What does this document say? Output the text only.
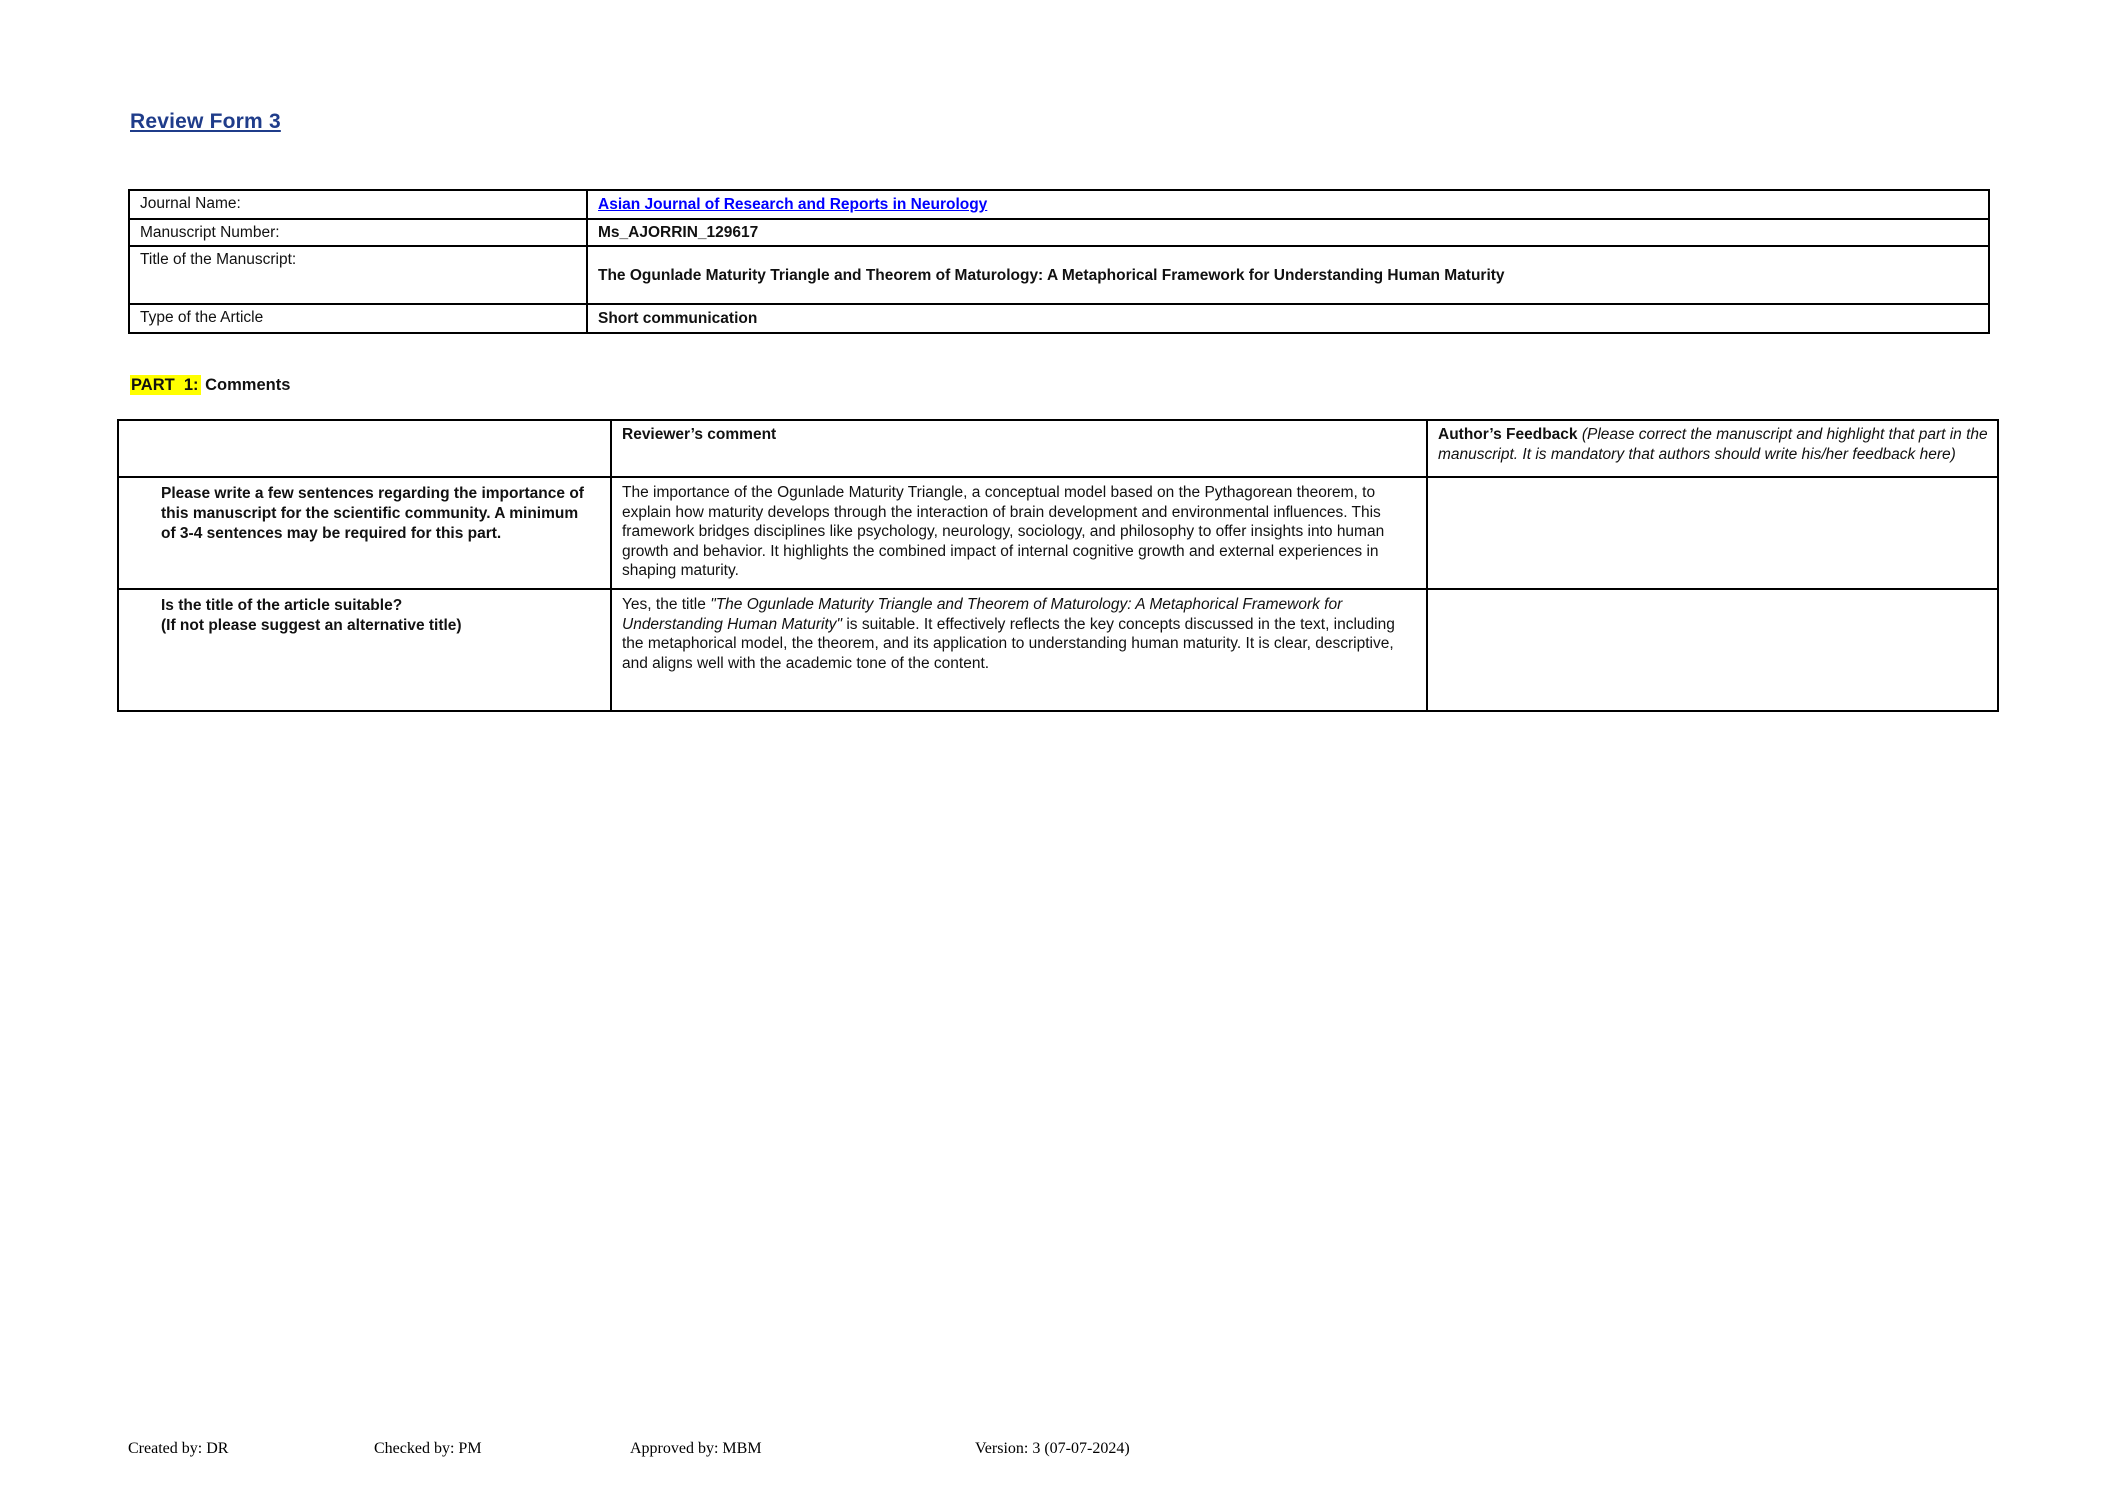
Review Form 3
Journal Name:	Asian Journal of Research and Reports in Neurology
Manuscript Number:	Ms_AJORRIN_129617
Title of the Manuscript:	The Ogunlade Maturity Triangle and Theorem of Maturology: A Metaphorical Framework for Understanding Human Maturity
Type of the Article	Short communication
PART  1: Comments
	Reviewer’s comment	Author’s Feedback (Please correct the manuscript and highlight that part in the manuscript. It is mandatory that authors should write his/her feedback here)
Please write a few sentences regarding the importance of this manuscript for the scientific community. A minimum of 3-4 sentences may be required for this part.	The importance of the Ogunlade Maturity Triangle, a conceptual model based on the Pythagorean theorem, to explain how maturity develops through the interaction of brain development and environmental influences. This framework bridges disciplines like psychology, neurology, sociology, and philosophy to offer insights into human growth and behavior. It highlights the combined impact of internal cognitive growth and external experiences in shaping maturity.	

Is the title of the article suitable?
(If not please suggest an alternative title)	Yes, the title "The Ogunlade Maturity Triangle and Theorem of Maturology: A Metaphorical Framework for Understanding Human Maturity" is suitable. It effectively reflects the key concepts discussed in the text, including the metaphorical model, the theorem, and its application to understanding human maturity. It is clear, descriptive, and aligns well with the academic tone of the content.	
Created by: DR	Checked by: PM	Approved by: MBM	Version: 3 (07-07-2024)
